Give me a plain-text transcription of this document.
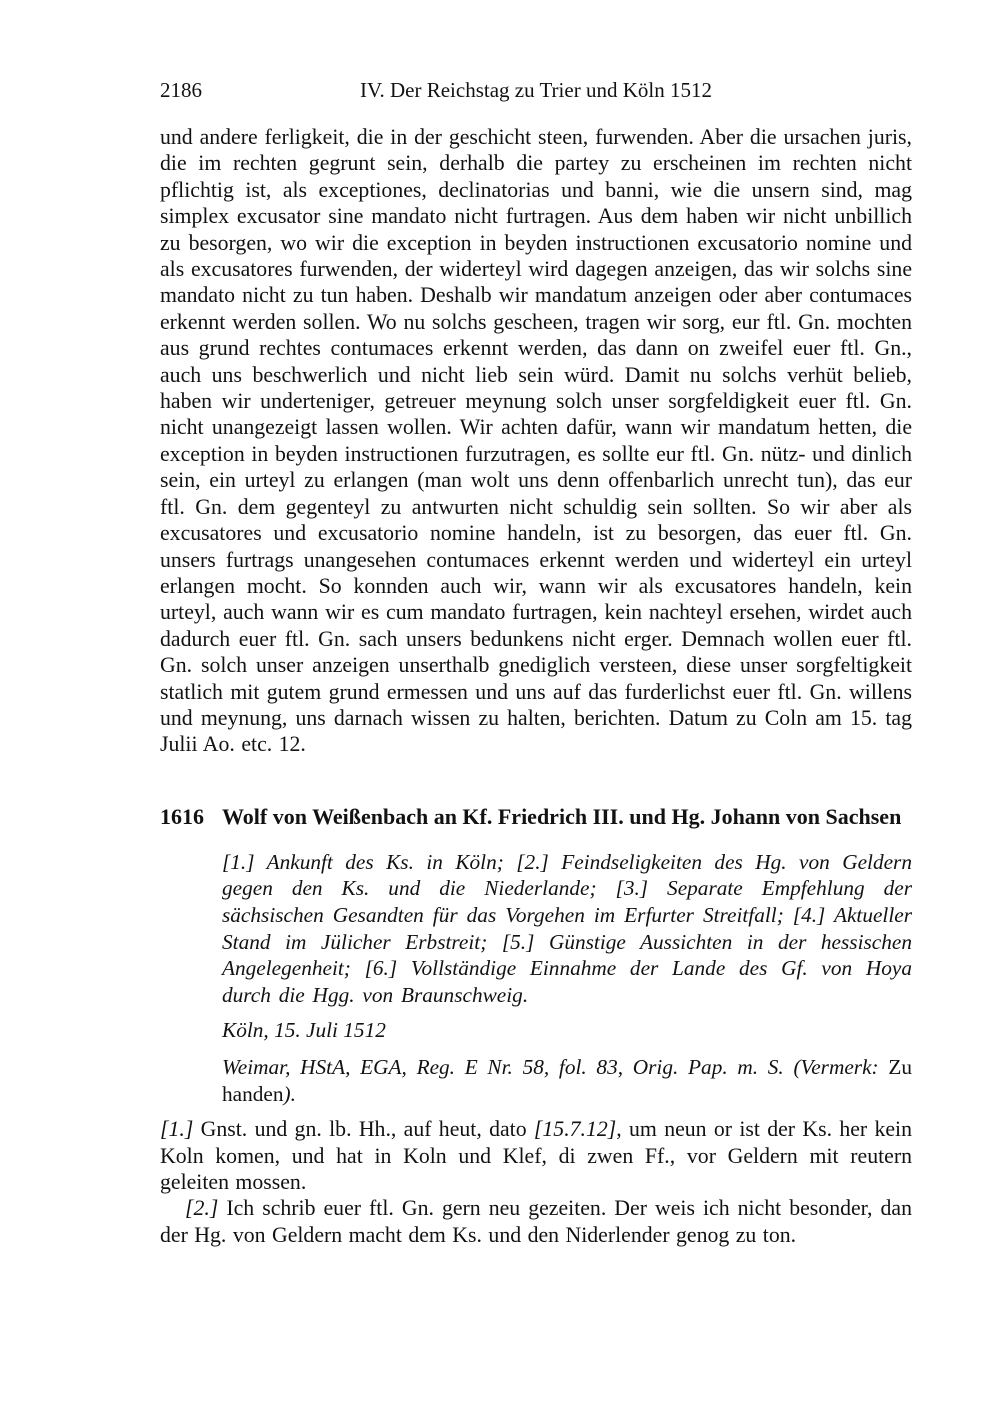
2186	IV. Der Reichstag zu Trier und Köln 1512

und andere ferligkeit, die in der geschicht steen, furwenden. Aber die ursachen juris, die im rechten gegrunt sein, derhalb die partey zu erscheinen im rechten nicht pflichtig ist, als exceptiones, declinatorias und banni, wie die unsern sind, mag simplex excusator sine mandato nicht furtragen. Aus dem haben wir nicht unbillich zu besorgen, wo wir die exception in beyden instructionen excusatorio nomine und als excusatores furwenden, der widerteyl wird dagegen anzeigen, das wir solchs sine mandato nicht zu tun haben. Deshalb wir mandatum anzeigen oder aber contumaces erkennt werden sollen. Wo nu solchs gescheen, tragen wir sorg, eur ftl. Gn. mochten aus grund rechtes contumaces erkennt werden, das dann on zweifel euer ftl. Gn., auch uns beschwerlich und nicht lieb sein würd. Damit nu solchs verhüt belieb, haben wir underteniger, getreuer meynung solch unser sorgfeldigkeit euer ftl. Gn. nicht unangezeigt lassen wollen. Wir achten dafür, wann wir mandatum hetten, die exception in beyden instructionen furzutragen, es sollte eur ftl. Gn. nütz- und dinlich sein, ein urteyl zu erlangen (man wolt uns denn offenbarlich unrecht tun), das eur ftl. Gn. dem gegenteyl zu antwurten nicht schuldig sein sollten. So wir aber als excusatores und excusatorio nomine handeln, ist zu besorgen, das euer ftl. Gn. unsers furtrags unangesehen contumaces erkennt werden und widerteyl ein urteyl erlangen mocht. So konnden auch wir, wann wir als excusatores handeln, kein urteyl, auch wann wir es cum mandato furtragen, kein nachteyl ersehen, wirdet auch dadurch euer ftl. Gn. sach unsers bedunkens nicht erger. Demnach wollen euer ftl. Gn. solch unser anzeigen unserthalb gnediglich versteen, diese unser sorgfeltigkeit statlich mit gutem grund ermessen und uns auf das furderlichst euer ftl. Gn. willens und meynung, uns darnach wissen zu halten, berichten. Datum zu Coln am 15. tag Julii Ao. etc. 12.

1616 Wolf von Weißenbach an Kf. Friedrich III. und Hg. Johann von Sachsen

[1.] Ankunft des Ks. in Köln; [2.] Feindseligkeiten des Hg. von Geldern gegen den Ks. und die Niederlande; [3.] Separate Empfehlung der sächsischen Gesandten für das Vorgehen im Erfurter Streitfall; [4.] Aktueller Stand im Jülicher Erbstreit; [5.] Günstige Aussichten in der hessischen Angelegenheit; [6.] Vollständige Einnahme der Lande des Gf. von Hoya durch die Hgg. von Braunschweig.

Köln, 15. Juli 1512

Weimar, HStA, EGA, Reg. E Nr. 58, fol. 83, Orig. Pap. m. S. (Vermerk: Zu handen).

[1.] Gnst. und gn. lb. Hh., auf heut, dato [15.7.12], um neun or ist der Ks. her kein Koln komen, und hat in Koln und Klef, di zwen Ff., vor Geldern mit reutern geleiten mossen.

[2.] Ich schrib euer ftl. Gn. gern neu gezeiten. Der weis ich nicht besonder, dan der Hg. von Geldern macht dem Ks. und den Niderlender genog zu ton.
